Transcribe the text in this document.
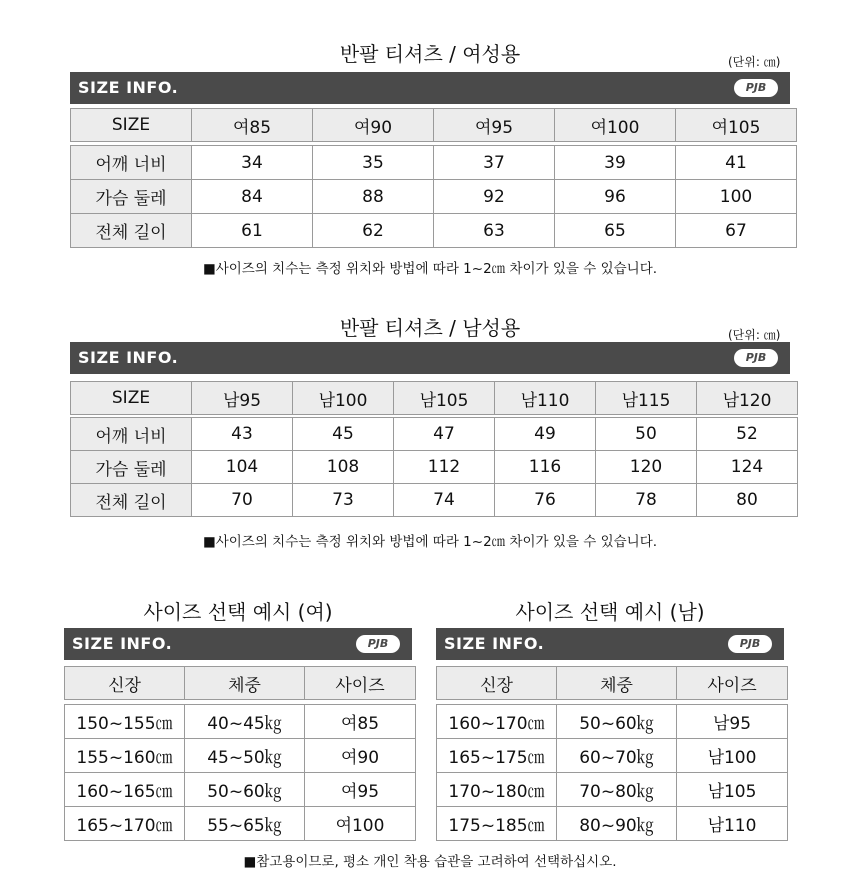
반팔 티셔츠 / 여성용	(단위: ㎝)
SIZE INFO.	PJB
SIZE	여85	여90	여95	여100	여105

어깨 너비	34	35	37	39	41
가슴 둘레	84	88	92	96	100
전체 길이	61	62	63	65	67
■사이즈의 치수는 측정 위치와 방법에 따라 1~2㎝ 차이가 있을 수 있습니다.
반팔 티셔츠 / 남성용	(단위: ㎝)
SIZE INFO.	PJB
SIZE	남95	남100	남105	남110	남115	남120

어깨 너비	43	45	47	49	50	52
가슴 둘레	104	108	112	116	120	124
전체 길이	70	73	74	76	78	80
■사이즈의 치수는 측정 위치와 방법에 따라 1~2㎝ 차이가 있을 수 있습니다.
사이즈 선택 예시 (여)
SIZE INFO.	PJB
신장	체중	사이즈

150~155㎝	40~45㎏	여85
155~160㎝	45~50㎏	여90
160~165㎝	50~60㎏	여95
165~170㎝	55~65㎏	여100
사이즈 선택 예시 (남)
SIZE INFO.	PJB
신장	체중	사이즈

160~170㎝	50~60㎏	남95
165~175㎝	60~70㎏	남100
170~180㎝	70~80㎏	남105
175~185㎝	80~90㎏	남110
■참고용이므로, 평소 개인 착용 습관을 고려하여 선택하십시오.
